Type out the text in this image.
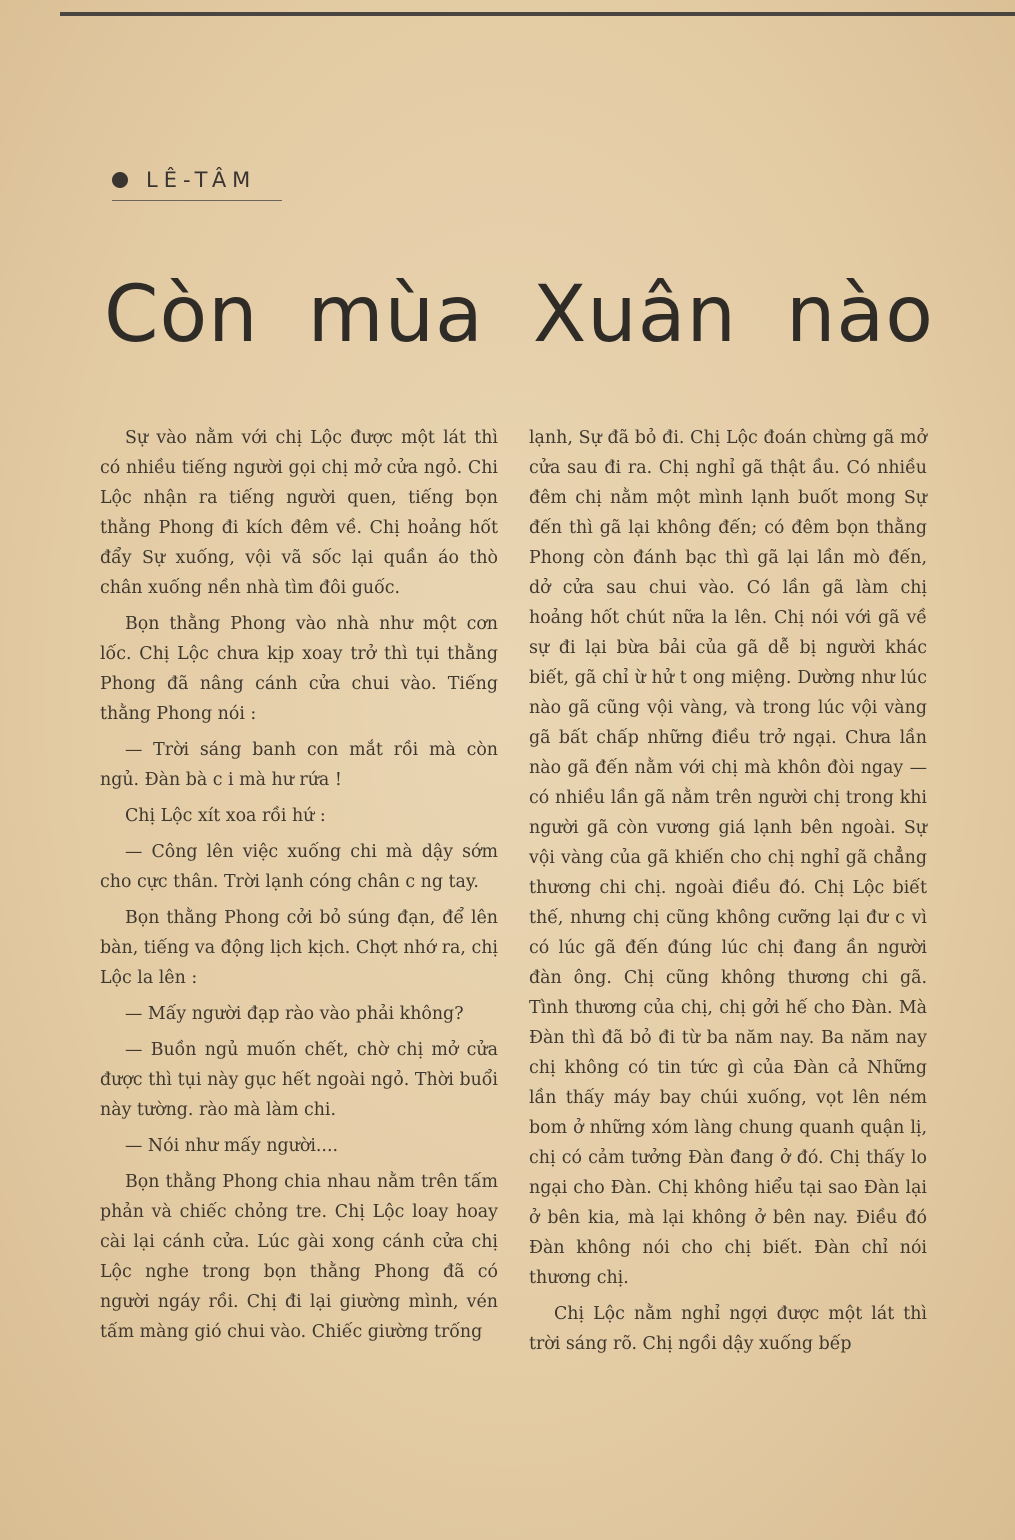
LÊ-TÂM
Còn mùa Xuân nào

Sự vào nằm với chị Lộc được một lát thì có nhiều tiếng người gọi chị mở cửa ngỏ. Chi Lộc nhận ra tiếng người quen, tiếng bọn thằng Phong đi kích đêm về. Chị hoảng hốt đẩy Sự xuống, vội vã sốc lại quần áo thò chân xuống nền nhà tìm đôi guốc.

Bọn thằng Phong vào nhà như một cơn lốc. Chị Lộc chưa kịp xoay trở thì tụi thằng Phong đã nâng cánh cửa chui vào. Tiếng thằng Phong nói :

— Trời sáng banh con mắt rồi mà còn ngủ. Đàn bà c i mà hư rứa !

Chị Lộc xít xoa rồi hứ :

— Công lên việc xuống chi mà dậy sớm cho cực thân. Trời lạnh cóng chân c ng tay.

Bọn thằng Phong cởi bỏ súng đạn, để lên bàn, tiếng va động lịch kịch. Chợt nhớ ra, chị Lộc la lên :

— Mấy người đạp rào vào phải không?

— Buồn ngủ muốn chết, chờ chị mở cửa được thì tụi này gục hết ngoài ngỏ. Thời buổi này tường. rào mà làm chi.

— Nói như mấy người....

Bọn thằng Phong chia nhau nằm trên tấm phản và chiếc chỏng tre. Chị Lộc loay hoay cài lại cánh cửa. Lúc gài xong cánh cửa chị Lộc nghe trong bọn thằng Phong đã có người ngáy rồi. Chị đi lại giường mình, vén tấm màng gió chui vào. Chiếc giường trống

lạnh, Sự đã bỏ đi. Chị Lộc đoán chừng gã mở cửa sau đi ra. Chị nghỉ gã thật ầu. Có nhiều đêm chị nằm một mình lạnh buốt mong Sự đến thì gã lại không đến; có đêm bọn thằng Phong còn đánh bạc thì gã lại lần mò đến, dở cửa sau chui vào. Có lần gã làm chị hoảng hốt chút nữa la lên. Chị nói với gã về sự đi lại bừa bải của gã dễ bị người khác biết, gã chỉ ừ hử t ong miệng. Dường như lúc nào gã cũng vội vàng, và trong lúc vội vàng gã bất chấp những điều trở ngại. Chưa lần nào gã đến nằm với chị mà khôn đòi ngay — có nhiều lần gã nằm trên người chị trong khi người gã còn vương giá lạnh bên ngoài. Sự vội vàng của gã khiến cho chị nghỉ gã chẳng thương chi chị. ngoài điều đó. Chị Lộc biết thế, nhưng chị cũng không cưỡng lại đư c vì có lúc gã đến đúng lúc chị đang ần người đàn ông. Chị cũng không thương chi gã. Tình thương của chị, chị gởi hế cho Đàn. Mà Đàn thì đã bỏ đi từ ba năm nay. Ba năm nay chị không có tin tức gì của Đàn cả Những lần thấy máy bay chúi xuống, vọt lên ném bom ở những xóm làng chung quanh quận lị, chị có cảm tưởng Đàn đang ở đó. Chị thấy lo ngại cho Đàn. Chị không hiểu tại sao Đàn lại ở bên kia, mà lại không ở bên nay. Điều đó Đàn không nói cho chị biết. Đàn chỉ nói thương chị.

Chị Lộc nằm nghỉ ngợi được một lát thì trời sáng rõ. Chị ngồi dậy xuống bếp
